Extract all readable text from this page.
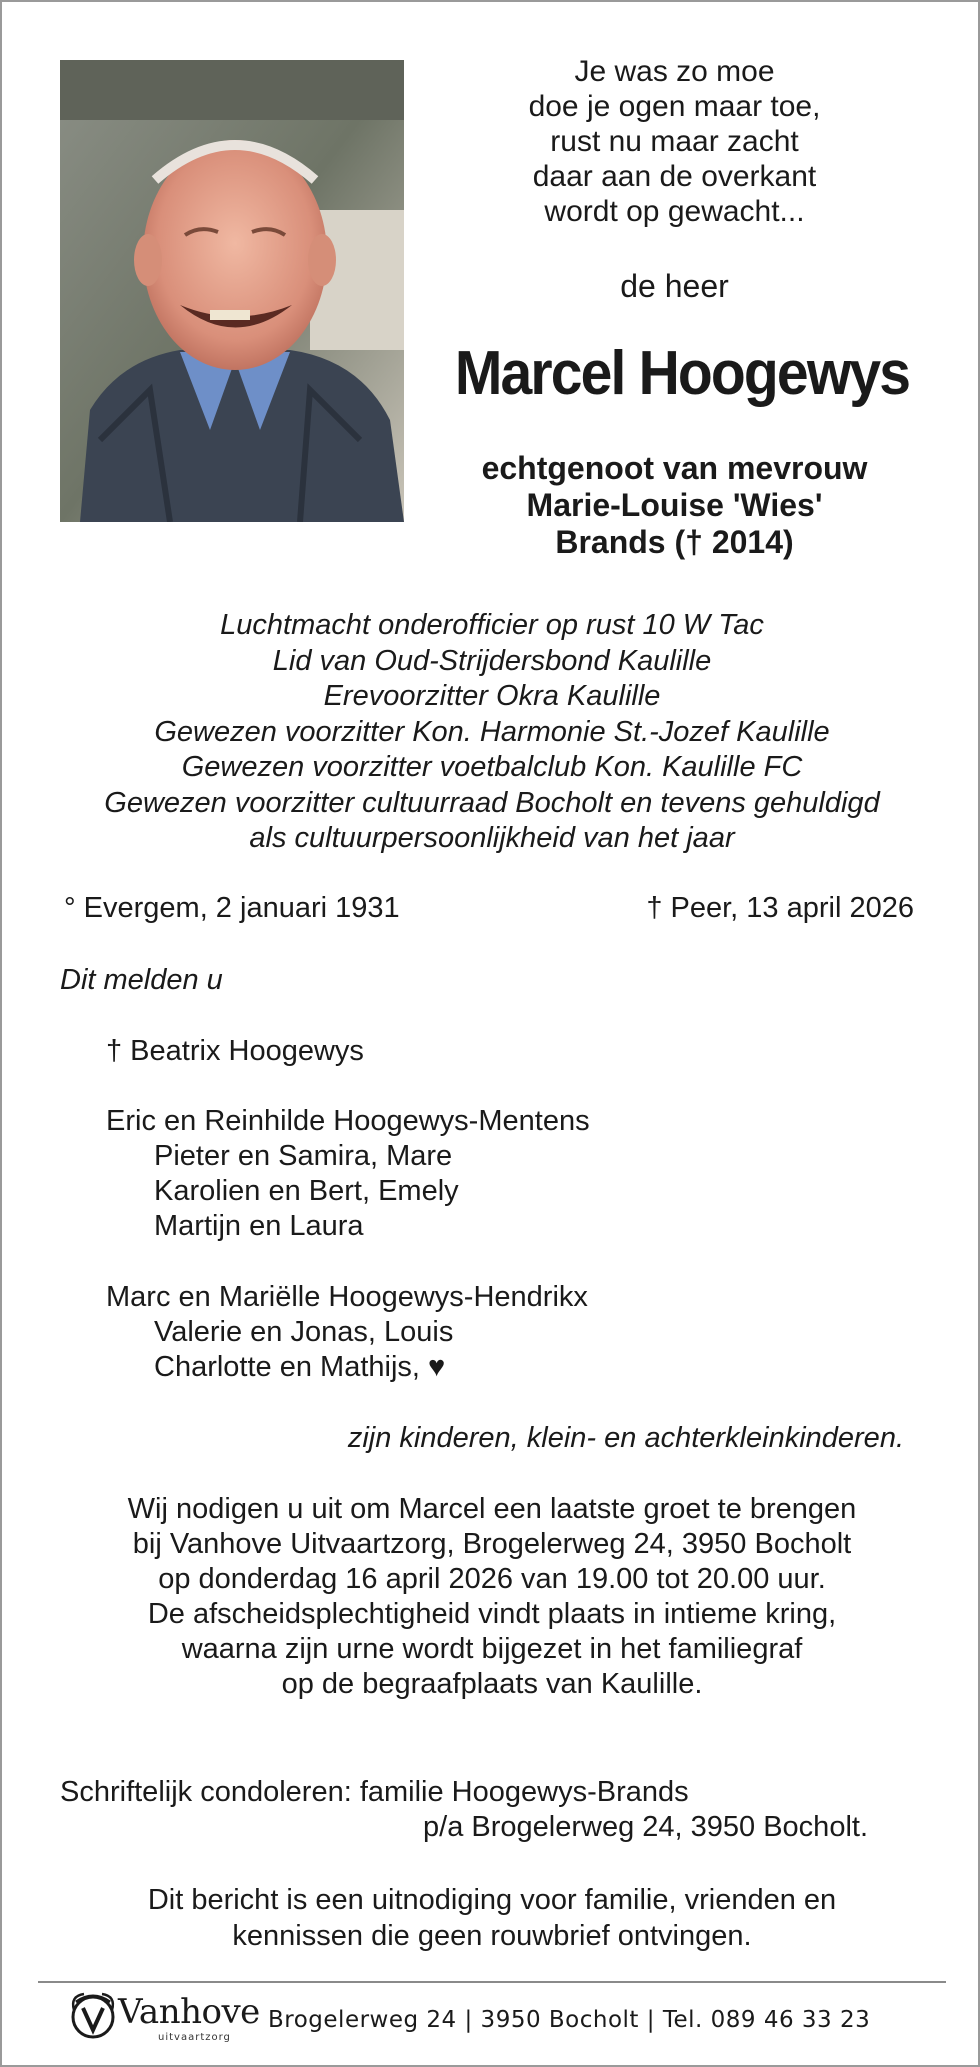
Je was zo moe
doe je ogen maar toe,
rust nu maar zacht
daar aan de overkant
wordt op gewacht...
de heer
Marcel Hoogewys
echtgenoot van mevrouw
Marie-Louise 'Wies'
Brands († 2014)
Luchtmacht onderofficier op rust 10 W Tac
Lid van Oud-Strijdersbond Kaulille
Erevoorzitter Okra Kaulille
Gewezen voorzitter Kon. Harmonie St.-Jozef Kaulille
Gewezen voorzitter voetbalclub Kon. Kaulille FC
Gewezen voorzitter cultuurraad Bocholt en tevens gehuldigd
als cultuurpersoonlijkheid van het jaar
° Evergem, 2 januari 1931	† Peer, 13 april 2026
Dit melden u
† Beatrix Hoogewys
Eric en Reinhilde Hoogewys-Mentens
Pieter en Samira, Mare
Karolien en Bert, Emely
Martijn en Laura
Marc en Mariëlle Hoogewys-Hendrikx
Valerie en Jonas, Louis
Charlotte en Mathijs, ♥
zijn kinderen, klein- en achterkleinkinderen.
Wij nodigen u uit om Marcel een laatste groet te brengen
bij Vanhove Uitvaartzorg, Brogelerweg 24, 3950 Bocholt
op donderdag 16 april 2026 van 19.00 tot 20.00 uur.
De afscheidsplechtigheid vindt plaats in intieme kring,
waarna zijn urne wordt bijgezet in het familiegraf
op de begraafplaats van Kaulille.
Schriftelijk condoleren: familie Hoogewys-Brands
p/a Brogelerweg 24, 3950 Bocholt.
Dit bericht is een uitnodiging voor familie, vrienden en
kennissen die geen rouwbrief ontvingen.
Vanhove
uitvaartzorg
Brogelerweg 24 | 3950 Bocholt | Tel. 089 46 33 23
